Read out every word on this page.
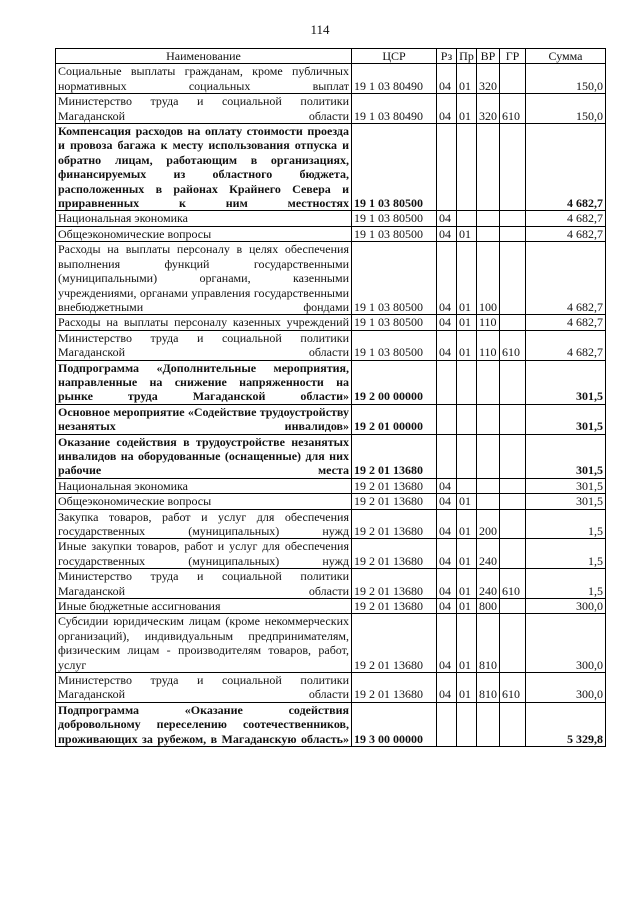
114
Наименование	ЦСР	Рз	Пр	ВР	ГР	Сумма
Социальные выплаты гражданам, кроме публичных нормативных социальных выплат	19 1 03 80490	04	01	320		150,0
Министерство труда и социальной политики Магаданской области	19 1 03 80490	04	01	320	610	150,0
Компенсация расходов на оплату стоимости проезда и провоза багажа к месту использования отпуска и обратно лицам, работающим в организациях, финансируемых из областного бюджета, расположенных в районах Крайнего Севера и приравненных к ним местностях	19 1 03 80500					4 682,7
Национальная экономика	19 1 03 80500	04				4 682,7
Общеэкономические вопросы	19 1 03 80500	04	01			4 682,7
Расходы на выплаты персоналу в целях обеспечения выполнения функций государственными (муниципальными) органами, казенными учреждениями, органами управления государственными внебюджетными фондами	19 1 03 80500	04	01	100		4 682,7
Расходы на выплаты персоналу казенных учреждений	19 1 03 80500	04	01	110		4 682,7
Министерство труда и социальной политики Магаданской области	19 1 03 80500	04	01	110	610	4 682,7
Подпрограмма «Дополнительные мероприятия, направленные на снижение напряженности на рынке труда Магаданской области»	19 2 00 00000					301,5
Основное мероприятие «Содействие трудоустройству незанятых инвалидов»	19 2 01 00000					301,5
Оказание содействия в трудоустройстве незанятых инвалидов на оборудованные (оснащенные) для них рабочие места	19 2 01 13680					301,5
Национальная экономика	19 2 01 13680	04				301,5
Общеэкономические вопросы	19 2 01 13680	04	01			301,5
Закупка товаров, работ и услуг для обеспечения государственных (муниципальных) нужд	19 2 01 13680	04	01	200		1,5
Иные закупки товаров, работ и услуг для обеспечения государственных (муниципальных) нужд	19 2 01 13680	04	01	240		1,5
Министерство труда и социальной политики Магаданской области	19 2 01 13680	04	01	240	610	1,5
Иные бюджетные ассигнования	19 2 01 13680	04	01	800		300,0
Субсидии юридическим лицам (кроме некоммерческих организаций), индивидуальным предпринимателям, физическим лицам - производителям товаров, работ, услуг	19 2 01 13680	04	01	810		300,0
Министерство труда и социальной политики Магаданской области	19 2 01 13680	04	01	810	610	300,0
Подпрограмма «Оказание содействия добровольному переселению соотечественников, проживающих за рубежом, в Магаданскую область»	19 3 00 00000					5 329,8
